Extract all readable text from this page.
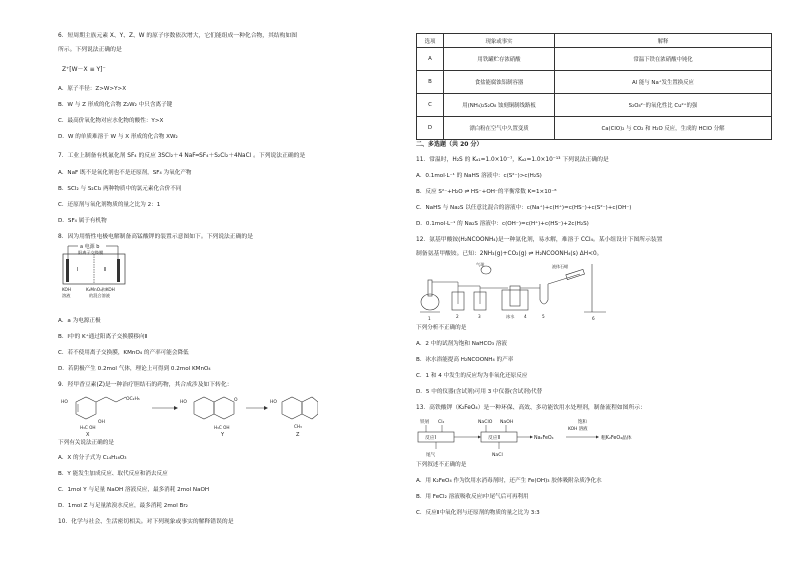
6．短周期主族元素 X、Y、Z、W 的原子序数依次增大，它们能组成一种化合物，其结构如图
所示。下列说法正确的是
Z⁺[W－X ≡ Y]⁻
A．原子半径：Z>W>Y>X
B．W 与 Z 形成的化合物 Z₂W₂ 中只含离子键
C．最高价氧化物对应水化物的酸性：Y>X
D．W 的单质难溶于 W 与 X 形成的化合物 XW₂
7．工业上制备有机氟化剂 SF₄ 的反应 3SCl₂＋4 NaF═SF₄＋S₂Cl₂＋4NaCl 。下列说法正确的是
A．NaF 既不是氧化剂也不是还原剂，SF₄ 为氧化产物
B．SCl₂ 与 S₂Cl₂ 两种物质中的氯元素化合价不同
C．还原剂与氧化剂物质的量之比为 2：1
D．SF₄ 属于有机物
8．因为用惰性电极电解制备高锰酸钾的装置示意图如下。下列说法正确的是
a 电源 b
阳离子交换膜
Ⅰ	Ⅱ
KOH
溶液
K₂MnO₄和KOH
的混合溶液
A．a 为电源正极
B．Ⅰ中的 K⁺通过阳离子交换膜移向Ⅱ
C．若不使用离子交换膜，KMnO₄ 的产率可能会降低
D．若阴极产生 0.2mol 气体，理论上可得到 0.2mol KMnO₄
9．羟甲香豆素(Z)是一种治疗胆结石的药物，其合成涉及如下转化：
OC₂H₅
HO
OH
H₃C OH
X
HO	O
H₃C OH
Y
HO
CH₃
Z
下列有关说法正确的是
A．X 的分子式为 C₁₄H₁₆O₃
B．Y 能发生加成反应、取代反应和消去反应
C．1mol Y 与足量 NaOH 溶液反应，最多消耗 2mol NaOH
D．1mol Z 与足量浓溴水反应，最多消耗 2mol Br₂
10．化学与社会、生活密切相关。对下列现象或事实的解释错误的是
选项	现象或事实	解释
A	用铁罐贮存浓硝酸	常温下铁在浓硝酸中钝化
B	食盐能腐蚀铝制容器	Al 能与 Na⁺发生置换反应
C	用(NH₄)₂S₂O₈ 蚀刻铜制线路板	S₂O₈²⁻的氧化性比 Cu²⁺的强
D	漂白粉在空气中久置变质	Ca(ClO)₂ 与 CO₂ 和 H₂O 反应，生成的 HClO 分解
二、多选题（共 20 分）
11．常温时，H₂S 的 Kₐ₁=1.0×10⁻⁷，Kₐ₂=1.0×10⁻¹³ 下列说法正确的是
A．0.1mol·L⁻¹ 的 NaHS 溶液中：c(S²⁻)>c(H₂S)
B．反应 S²⁻+H₂O ⇌ HS⁻+OH⁻的平衡常数 K=1×10⁻⁸
C．NaHS 与 Na₂S 以任意比混合的溶液中：c(Na⁺)+c(H⁺)=c(HS⁻)+c(S²⁻)+c(OH⁻)
D．0.1mol·L⁻¹ 的 Na₂S 溶液中：c(OH⁻)=c(H⁺)+c(HS⁻)+2c(H₂S)
12．氨基甲酸铵(H₂NCOONH₄)是一种氨化剂，易水解，难溶于 CCl₄。某小组设计下图所示装置
制备氨基甲酸铵。已知：2NH₃(g)+CO₂(g) ⇌ H₂NCOONH₄(s) ΔH<0。
气球
冰水
液体石蜡
1	2	3	4	5	6
下列分析不正确的是
A．2 中的试剂为饱和 NaHCO₃ 溶液
B．冰水浴能提高 H₂NCOONH₄ 的产率
C．1 和 4 中发生的反应均为非氧化还原反应
D．5 中的仪器(含试剂)可用 3 中仪器(含试剂)代替
13．高铁酸钾（K₂FeO₄）是一种环保、高效、多功能饮用水处理剂，制备流程如图所示：
铁屑 Cl₂
反应Ⅰ
尾气
NaClO NaOH
反应Ⅱ
NaCl
Na₂FeO₄
饱和
KOH 溶液
粗K₂FeO₄晶体
下列叙述不正确的是
A．用 K₂FeO₄ 作为饮用水消毒剂时，还产生 Fe(OH)₃ 胶体吸附杂质净化水
B．用 FeCl₂ 溶液吸收反应Ⅰ中尾气后可再利用
C．反应Ⅱ中氧化剂与还原剂的物质的量之比为 3:3
